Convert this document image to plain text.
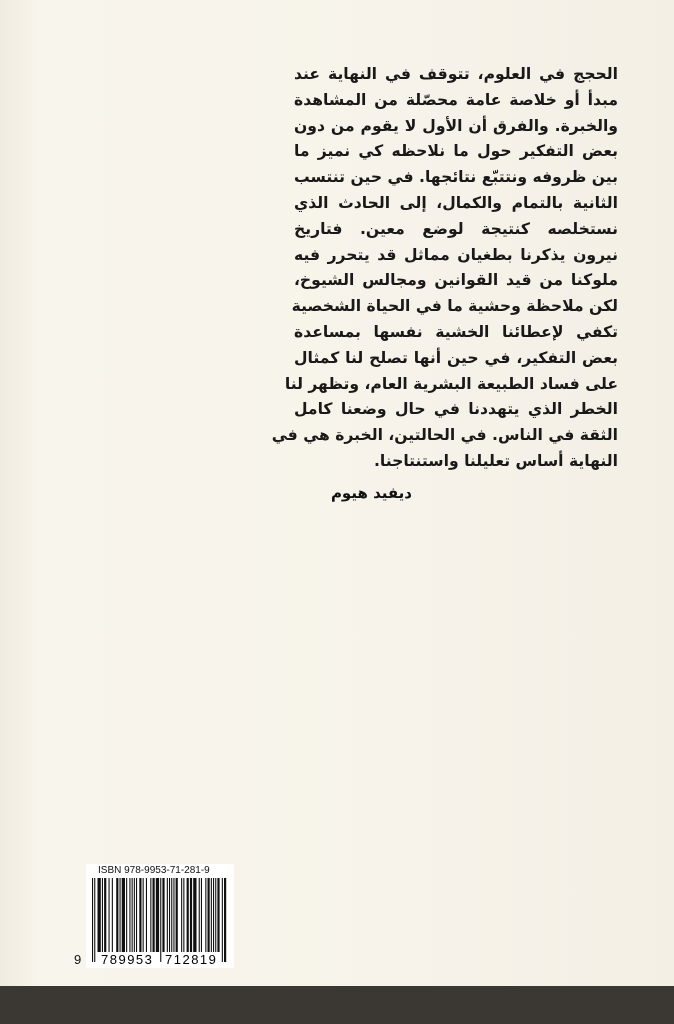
الحجج في العلوم، تتوقف في النهاية عند
مبدأ أو خلاصة عامة محصّلة من المشاهدة
والخبرة. والفرق أن الأول لا يقوم من دون
بعض التفكير حول ما نلاحظه كي نميز ما
بين ظروفه ونتتبّع نتائجها. في حين تنتسب
الثانية بالتمام والكمال، إلى الحادث الذي
نستخلصه كنتيجة لوضع معين. فتاريخ
نيرون يذكرنا بطغيان مماثل قد يتحرر فيه
ملوكنا من قيد القوانين ومجالس الشيوخ،
لكن ملاحظة وحشية ما في الحياة الشخصية
تكفي لإعطائنا الخشية نفسها بمساعدة
بعض التفكير، في حين أنها تصلح لنا كمثال
على فساد الطبيعة البشرية العام، وتظهر لنا
الخطر الذي يتهددنا في حال وضعنا كامل
الثقة في الناس. في الحالتين، الخبرة هي في
النهاية أساس تعليلنا واستنتاجنا.
ديفيد هيوم
ISBN 978-9953-71-281-9
9 789953 712819
